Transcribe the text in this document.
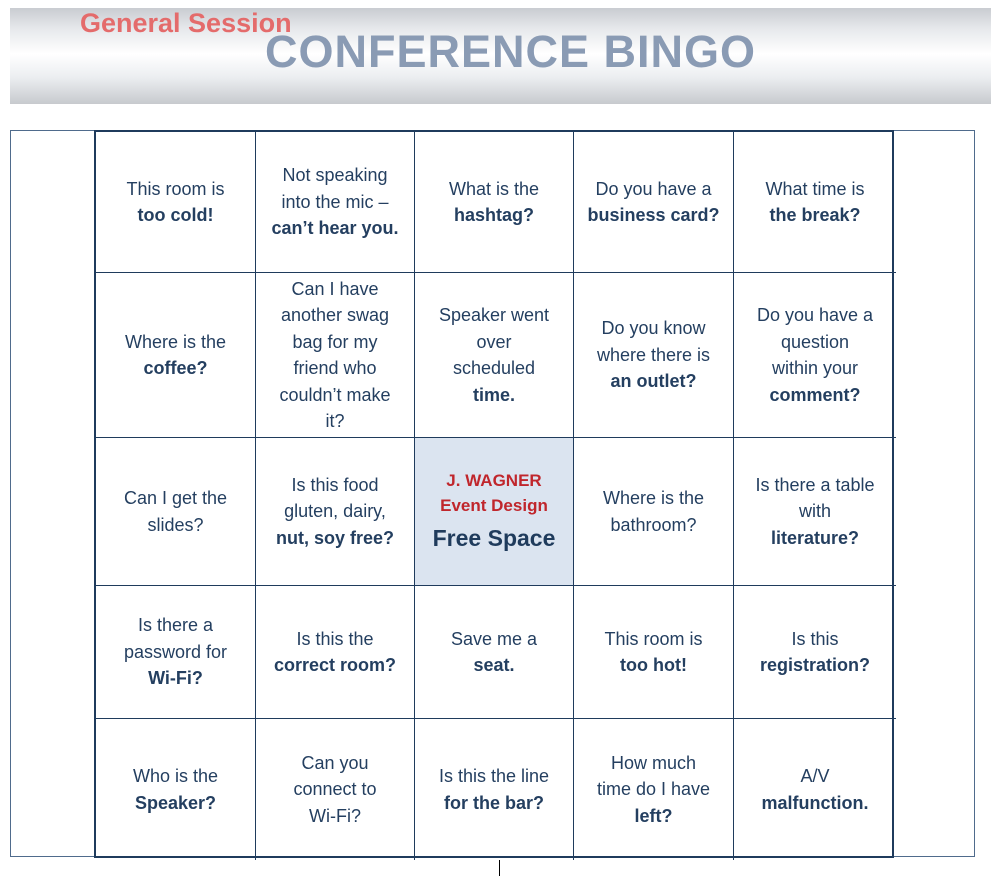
General Session
CONFERENCE BINGO
This room is
too cold!
Not speaking
into the mic –
can’t hear you.
What is the
hashtag?
Do you have a
business card?
What time is
the break?
Where is the
coffee?
Can I have
another swag
bag for my
friend who
couldn’t make
it?
Speaker went
over
scheduled
time.
Do you know
where there is
an outlet?
Do you have a
question
within your
comment?
Can I get the
slides?
Is this food
gluten, dairy,
nut, soy free?
J. WAGNER
Event Design
Free Space
Where is the
bathroom?
Is there a table
with
literature?
Is there a
password for
Wi-Fi?
Is this the
correct room?
Save me a
seat.
This room is
too hot!
Is this
registration?
Who is the
Speaker?
Can you
connect to
Wi-Fi?
Is this the line
for the bar?
How much
time do I have
left?
A/V
malfunction.
